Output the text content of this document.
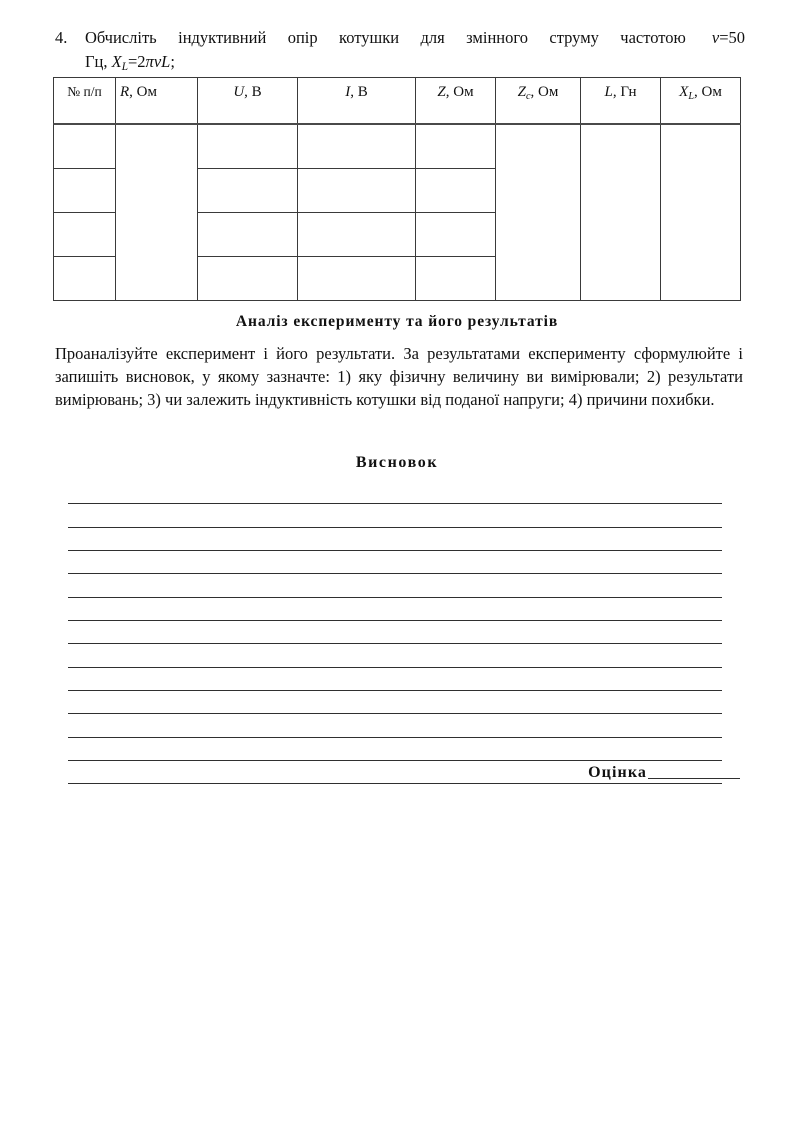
4.	Обчисліть індуктивний опір котушки для змінного струму частотою ν=50
Гц, $X_L=2\pi\nu L$;
№ п/п	R, Ом	U, В	I, В	Z, Ом	$Z_c$, Ом	L, Гн	$X_L$, Ом

Аналіз експерименту та його результатів
Проаналізуйте експеримент і його результати. За результатами експерименту сформулюйте і запишіть висновок, у якому зазначте: 1) яку фізичну величину ви вимірювали; 2) результати вимірювань; 3) чи залежить індуктивність котушки від поданої напруги; 4) причини похибки.
Висновок
Оцінка
